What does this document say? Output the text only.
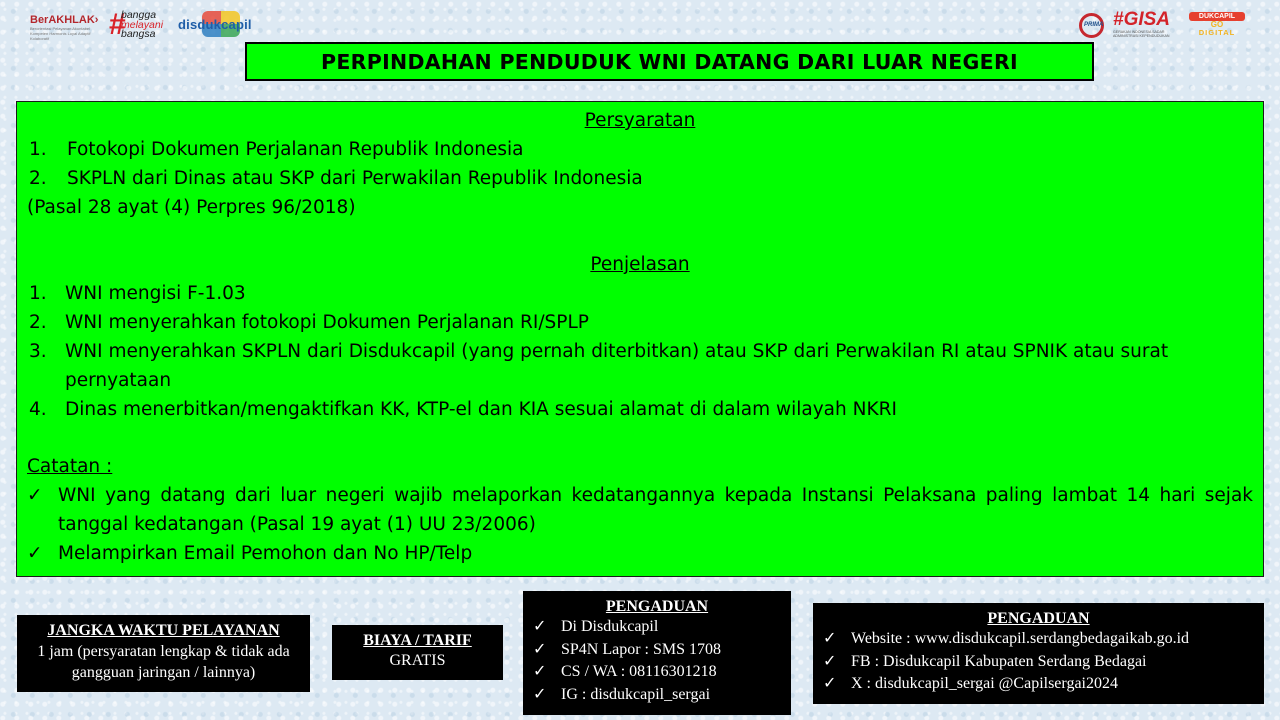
BerAKHLAK›
Berorientasi Pelayanan Akuntabel Kompeten Harmonis Loyal Adaptif Kolaboratif	#
bangga
melayani
bangsa
disdukcapil	PRIMA #GISA
GERAKAN INDONESIA SADAR ADMINISTRASI KEPENDUDUKAN
DUKCAPIL
GO
DIGITAL
PERPINDAHAN PENDUDUK WNI DATANG DARI LUAR NEGERI
Persyaratan
1.	Fotokopi Dokumen Perjalanan Republik Indonesia
2.	SKPLN dari Dinas atau SKP dari Perwakilan Republik Indonesia
(Pasal 28 ayat (4) Perpres 96/2018)
Penjelasan
1. WNI mengisi F-1.03
2. WNI menyerahkan fotokopi Dokumen Perjalanan RI/SPLP
3. WNI menyerahkan SKPLN dari Disdukcapil (yang pernah diterbitkan) atau SKP dari Perwakilan RI atau SPNIK atau surat pernyataan
4. Dinas menerbitkan/mengaktifkan KK, KTP-el dan KIA sesuai alamat di dalam wilayah NKRI
Catatan :
✓ WNI yang datang dari luar negeri wajib melaporkan kedatangannya kepada Instansi Pelaksana paling lambat 14 hari sejak tanggal kedatangan (Pasal 19 ayat (1) UU 23/2006)
✓ Melampirkan Email Pemohon dan No HP/Telp
JANGKA WAKTU PELAYANAN
1 jam (persyaratan lengkap & tidak ada gangguan jaringan / lainnya)
BIAYA / TARIF
GRATIS
PENGADUAN
✓ Di Disdukcapil
✓ SP4N Lapor : SMS 1708
✓ CS / WA : 08116301218
✓ IG : disdukcapil_sergai
PENGADUAN
✓ Website : www.disdukcapil.serdangbedagaikab.go.id
✓ FB : Disdukcapil Kabupaten Serdang Bedagai
✓ X : disdukcapil_sergai @Capilsergai2024
